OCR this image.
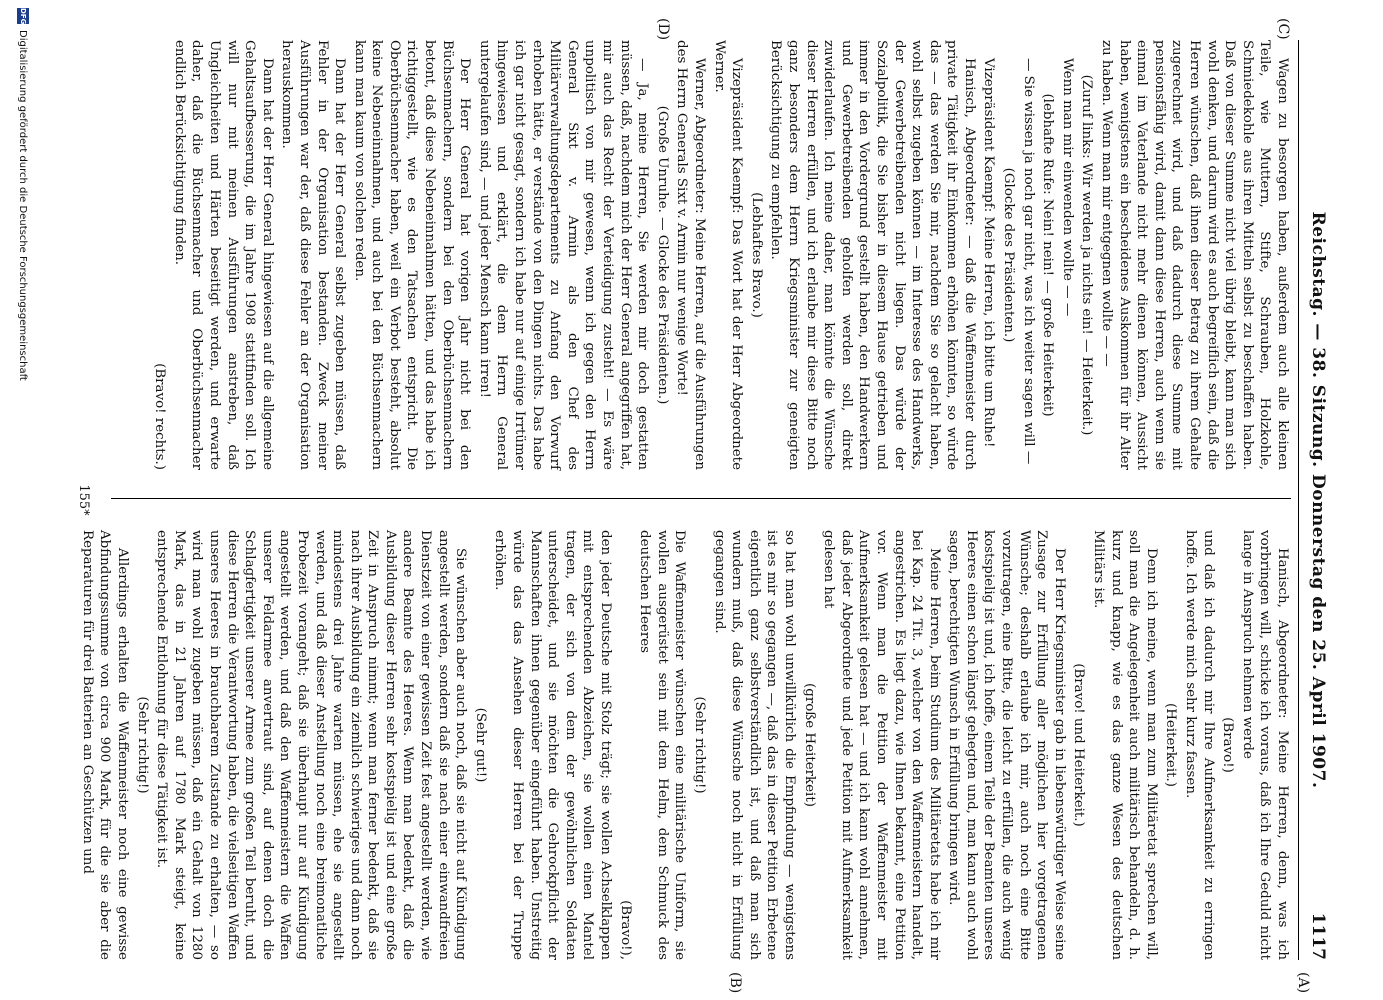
Reichstag. — 38. Sitzung. Donnerstag den 25. April 1907.
1117
(C)
(D)
(A)
(B)

Wagen zu besorgen haben, außerdem auch alle kleinen Teile, wie Muttern, Stifte, Schrauben, Holzkohle, Schmiedekohle aus ihren Mitteln selbst zu beschaffen haben. Daß von dieser Summe nicht viel übrig bleibt, kann man sich wohl denken, und darum wird es auch begreiflich sein, daß die Herren wünschen, daß ihnen dieser Betrag zu ihrem Gehalte zugerechnet wird, und daß dadurch diese Summe mit pensionsfähig wird, damit dann diese Herren, auch wenn sie einmal im Vaterlande nicht mehr dienen können, Aussicht haben, wenigstens ein bescheidenes Auskommen für ihr Alter zu haben. Wenn man mir entgegnen wollte — —

(Zuruf links: Wir werden ja nichts ein! — Heiterkeit.)

Wenn man mir einwenden wollte — —

(lebhafte Rufe: Nein! nein! — große Heiterkeit)

— Sie wissen ja noch gar nicht, was ich weiter sagen will —

(Glocke des Präsidenten.)

Vizepräsident Kaempf: Meine Herren, ich bitte um Ruhe!

Hanisch, Abgeordneter: — daß die Waffenmeister durch private Tätigkeit ihr Einkommen erhöhen könnten, so würde das — das werden Sie mir, nachdem Sie so gelacht haben, wohl selbst zugeben können — im Interesse des Handwerks, der Gewerbetreibenden nicht liegen. Das würde der Sozialpolitik, die Sie bisher in diesem Hause getrieben und immer in den Vordergrund gestellt haben, den Handwerkern und Gewerbetreibenden geholfen werden soll, direkt zuwiderlaufen. Ich meine daher, man könnte die Wünsche dieser Herren erfüllen, und ich erlaube mir diese Bitte noch ganz besonders dem Herrn Kriegsminister zur geneigten Berücksichtigung zu empfehlen.

(Lebhaftes Bravo.)

Vizepräsident Kaempf: Das Wort hat der Herr Abgeordnete Werner.

Werner, Abgeordneter: Meine Herren, auf die Ausführungen des Herrn Generals Sixt v. Armin nur wenige Worte!

(Große Unruhe. — Glocke des Präsidenten.)

— Ja, meine Herren, Sie werden mir doch gestatten müssen, daß, nachdem mich der Herr General angegriffen hat, mir auch das Recht der Verteidigung zusteht! — Es wäre unpolitisch von mir gewesen, wenn ich gegen den Herrn General Sixt v. Armin als den Chef des Militärverwaltungsdepartements zu Anfang den Vorwurf erhoben hätte, er verstände von den Dingen nichts. Das habe ich gar nicht gesagt, sondern ich habe nur auf einige Irrtümer hingewiesen und erklärt, die dem Herrn General untergelaufen sind, — und jeder Mensch kann irren!

Der Herr General hat vorigen Jahr nicht bei den Büchsenmachern, sondern bei den Oberbüchsenmachern betont, daß diese Nebeneinnahmen hätten, und das habe ich richtiggestellt, wie es den Tatsachen entspricht. Die Oberbüchsenmacher haben, weil ein Verbot besteht, absolut keine Nebeneinnahmen, und auch bei den Büchsenmachern kann man kaum von solchen reden.

Dann hat der Herr General selbst zugeben müssen, daß Fehler in der Organisation bestanden. Zweck meiner Ausführungen war der, daß diese Fehler an der Organisation herauskommen.

Dann hat der Herr General hingewiesen auf die allgemeine Gehaltsaufbesserung, die im Jahre 1908 stattfinden soll. Ich will nur mit meinen Ausführungen anstreben, daß Ungleichheiten und Härten beseitigt werden, und erwarte daher, daß die Büchsenmacher und Oberbüchsenmacher endlich Berücksichtigung finden.

(Bravo! rechts.)

Hanisch, Abgeordneter: Meine Herren, denn, was ich vorbringen will, schicke ich voraus, daß ich Ihre Geduld nicht lange in Anspruch nehmen werde

(Bravo!)

und daß ich dadurch mir Ihre Aufmerksamkeit zu erringen hoffe. Ich werde mich sehr kurz fassen.

(Heiterkeit.)

Denn ich meine, wenn man zum Militäretat sprechen will, soll man die Angelegenheit auch militärisch behandeln, d. h. kurz und knapp, wie es das ganze Wesen des deutschen Militärs ist.

(Bravo! und Heiterkeit.)

Der Herr Kriegsminister gab in liebenswürdiger Weise seine Zusage zur Erfüllung aller möglichen hier vorgetragenen Wünsche; deshalb erlaube ich mir, auch noch eine Bitte vorzutragen, eine Bitte, die leicht zu erfüllen, die auch wenig kostspielig ist und, ich hoffe, einem Teile der Beamten unseres Heeres einen schon längst gehegten und, man kann auch wohl sagen, berechtigten Wunsch in Erfüllung bringen wird.

Meine Herren, beim Studium des Militäretats habe ich mir bei Kap. 24 Tit. 3, welcher von den Waffenmeistern handelt, angestrichen. Es liegt dazu, wie Ihnen bekannt, eine Petition vor. Wenn man die Petition der Waffenmeister mit Aufmerksamkeit gelesen hat — und ich kann wohl annehmen, daß jeder Abgeordnete und jede Petition mit Aufmerksamkeit gelesen hat

(große Heiterkeit)

so hat man wohl unwillkürlich die Empfindung — wenigstens ist es mir so gegangen —, daß das in dieser Petition Erbetene eigentlich ganz selbstverständlich ist, und daß man sich wundern muß, daß diese Wünsche noch nicht in Erfüllung gegangen sind.

(Sehr richtig!)

Die Waffenmeister wünschen eine militärische Uniform, sie wollen ausgerüstet sein mit dem Helm, dem Schmuck des deutschen Heeres

(Bravo!),

den jeder Deutsche mit Stolz trägt; sie wollen Achselklappen mit entsprechenden Abzeichen, sie wollen einen Mantel tragen, der sich von dem der gewöhnlichen Soldaten unterscheidet, und sie möchten die Gehrockpflicht der Mannschaften ihnen gegenüber eingeführt haben. Unstreitig würde das das Ansehen dieser Herren bei der Truppe erhöhen.

(Sehr gut!)

Sie wünschen aber auch noch, daß sie nicht auf Kündigung angestellt werden, sondern daß sie nach einer einwandfreien Dienstzeit von einer gewissen Zeit fest angestellt werden, wie andere Beamte des Heeres. Wenn man bedenkt, daß die Ausbildung dieser Herren sehr kostspielig ist und eine große Zeit in Anspruch nimmt; wenn man ferner bedenkt, daß sie nach ihrer Ausbildung ein ziemlich schwieriges und dann noch mindestens drei Jahre warten müssen, ehe sie angestellt werden, und daß dieser Anstellung noch eine breimonatliche Probezeit vorangeht; daß sie überhaupt nur auf Kündigung angestellt werden, und daß den Waffenmeistern die Waffen unserer Feldarmee anvertraut sind, auf denen doch die Schlagfertigkeit unserer Armee zum großen Teil beruht, und diese Herren die Verantwortung haben, die vielseitigen Waffen unseres Heeres in brauchbarem Zustande zu erhalten, — so wird man wohl zugeben müssen, daß ein Gehalt von 1280 Mark, das in 21 Jahren auf 1780 Mark steigt, keine entsprechende Entlohnung für diese Tätigkeit ist.

(Sehr richtig!)

Allerdings erhalten die Waffenmeister noch eine gewisse Abfindungssumme von circa 900 Mark, für die sie aber die Reparaturen für drei Batterien an Geschützen und

155*
DFG
Digitalisierung gefördert durch die Deutsche Forschungsgemeinschaft
